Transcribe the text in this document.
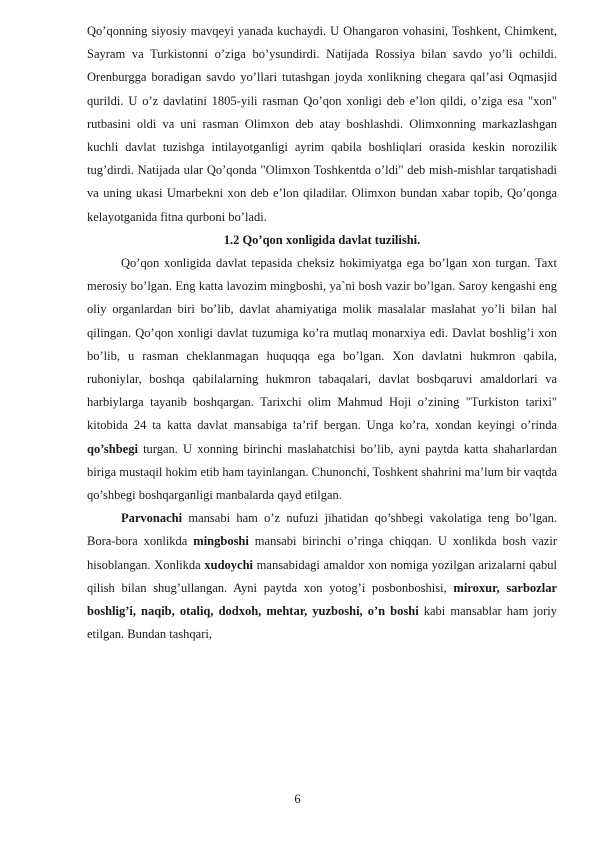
Qo’qonning siyosiy mavqeyi yanada kuchaydi. U Ohangaron vohasini, Toshkent, Chimkent, Sayram va Turkistonni o’ziga bo’ysundirdi. Natijada Rossiya bilan savdo yo’li ochildi. Orenburgga boradigan savdo yo’llari tutashgan joyda xonlikning chegara qal’asi Oqmasjid qurildi. U o’z davlatini 1805-yili rasman Qo’qon xonligi deb e’lon qildi, o’ziga esa "xon" rutbasini oldi va uni rasman Olimxon deb atay boshlashdi. Olimxonning markazlashgan kuchli davlat tuzishga intilayotganligi ayrim qabila boshliqlari orasida keskin norozilik tug’dirdi. Natijada ular Qo’qonda "Olimxon Toshkentda o’ldi" deb mish-mishlar tarqatishadi va uning ukasi Umarbekni xon deb e’lon qiladilar. Olimxon bundan xabar topib, Qo’qonga kelayotganida fitna qurboni bo’ladi.

1.2 Qo’qon xonligida davlat tuzilishi.

Qo’qon xonligida davlat tepasida cheksiz hokimiyatga ega bo’lgan xon turgan. Taxt merosiy bo’lgan. Eng katta lavozim mingboshi, ya`ni bosh vazir bo’lgan. Saroy kengashi eng oliy organlardan biri bo’lib, davlat ahamiyatiga molik masalalar maslahat yo’li bilan hal qilingan. Qo’qon xonligi davlat tuzumiga ko’ra mutlaq monarxiya edi. Davlat boshlig’i xon bo’lib, u rasman cheklanmagan huquqqa ega bo’lgan. Xon davlatni hukmron qabila, ruhoniylar, boshqa qabilalarning hukmron tabaqalari, davlat bosbqaruvi amaldorlari va harbiylarga tayanib boshqargan. Tarixchi olim Mahmud Hoji o’zining "Turkiston tarixi" kitobida 24 ta katta davlat mansabiga ta’rif bergan. Unga ko’ra, xondan keyingi o’rinda qo’shbegi turgan. U xonning birinchi maslahatchisi bo’lib, ayni paytda katta shaharlardan biriga mustaqil hokim etib ham tayinlangan. Chunonchi, Toshkent shahrini ma’lum bir vaqtda qo’shbegi boshqarganligi manbalarda qayd etilgan.

Parvonachi mansabi ham o’z nufuzi jihatidan qo’shbegi vakolatiga teng bo’lgan. Bora-bora xonlikda mingboshi mansabi birinchi o’ringa chiqqan. U xonlikda bosh vazir hisoblangan. Xonlikda xudoychi mansabidagi amaldor xon nomiga yozilgan arizalarni qabul qilish bilan shug’ullangan. Ayni paytda xon yotog’i posbonboshisi, miroxur, sarbozlar boshlig’i, naqib, otaliq, dodxoh, mehtar, yuzboshi, o’n boshi kabi mansablar ham joriy etilgan. Bundan tashqari,

6
